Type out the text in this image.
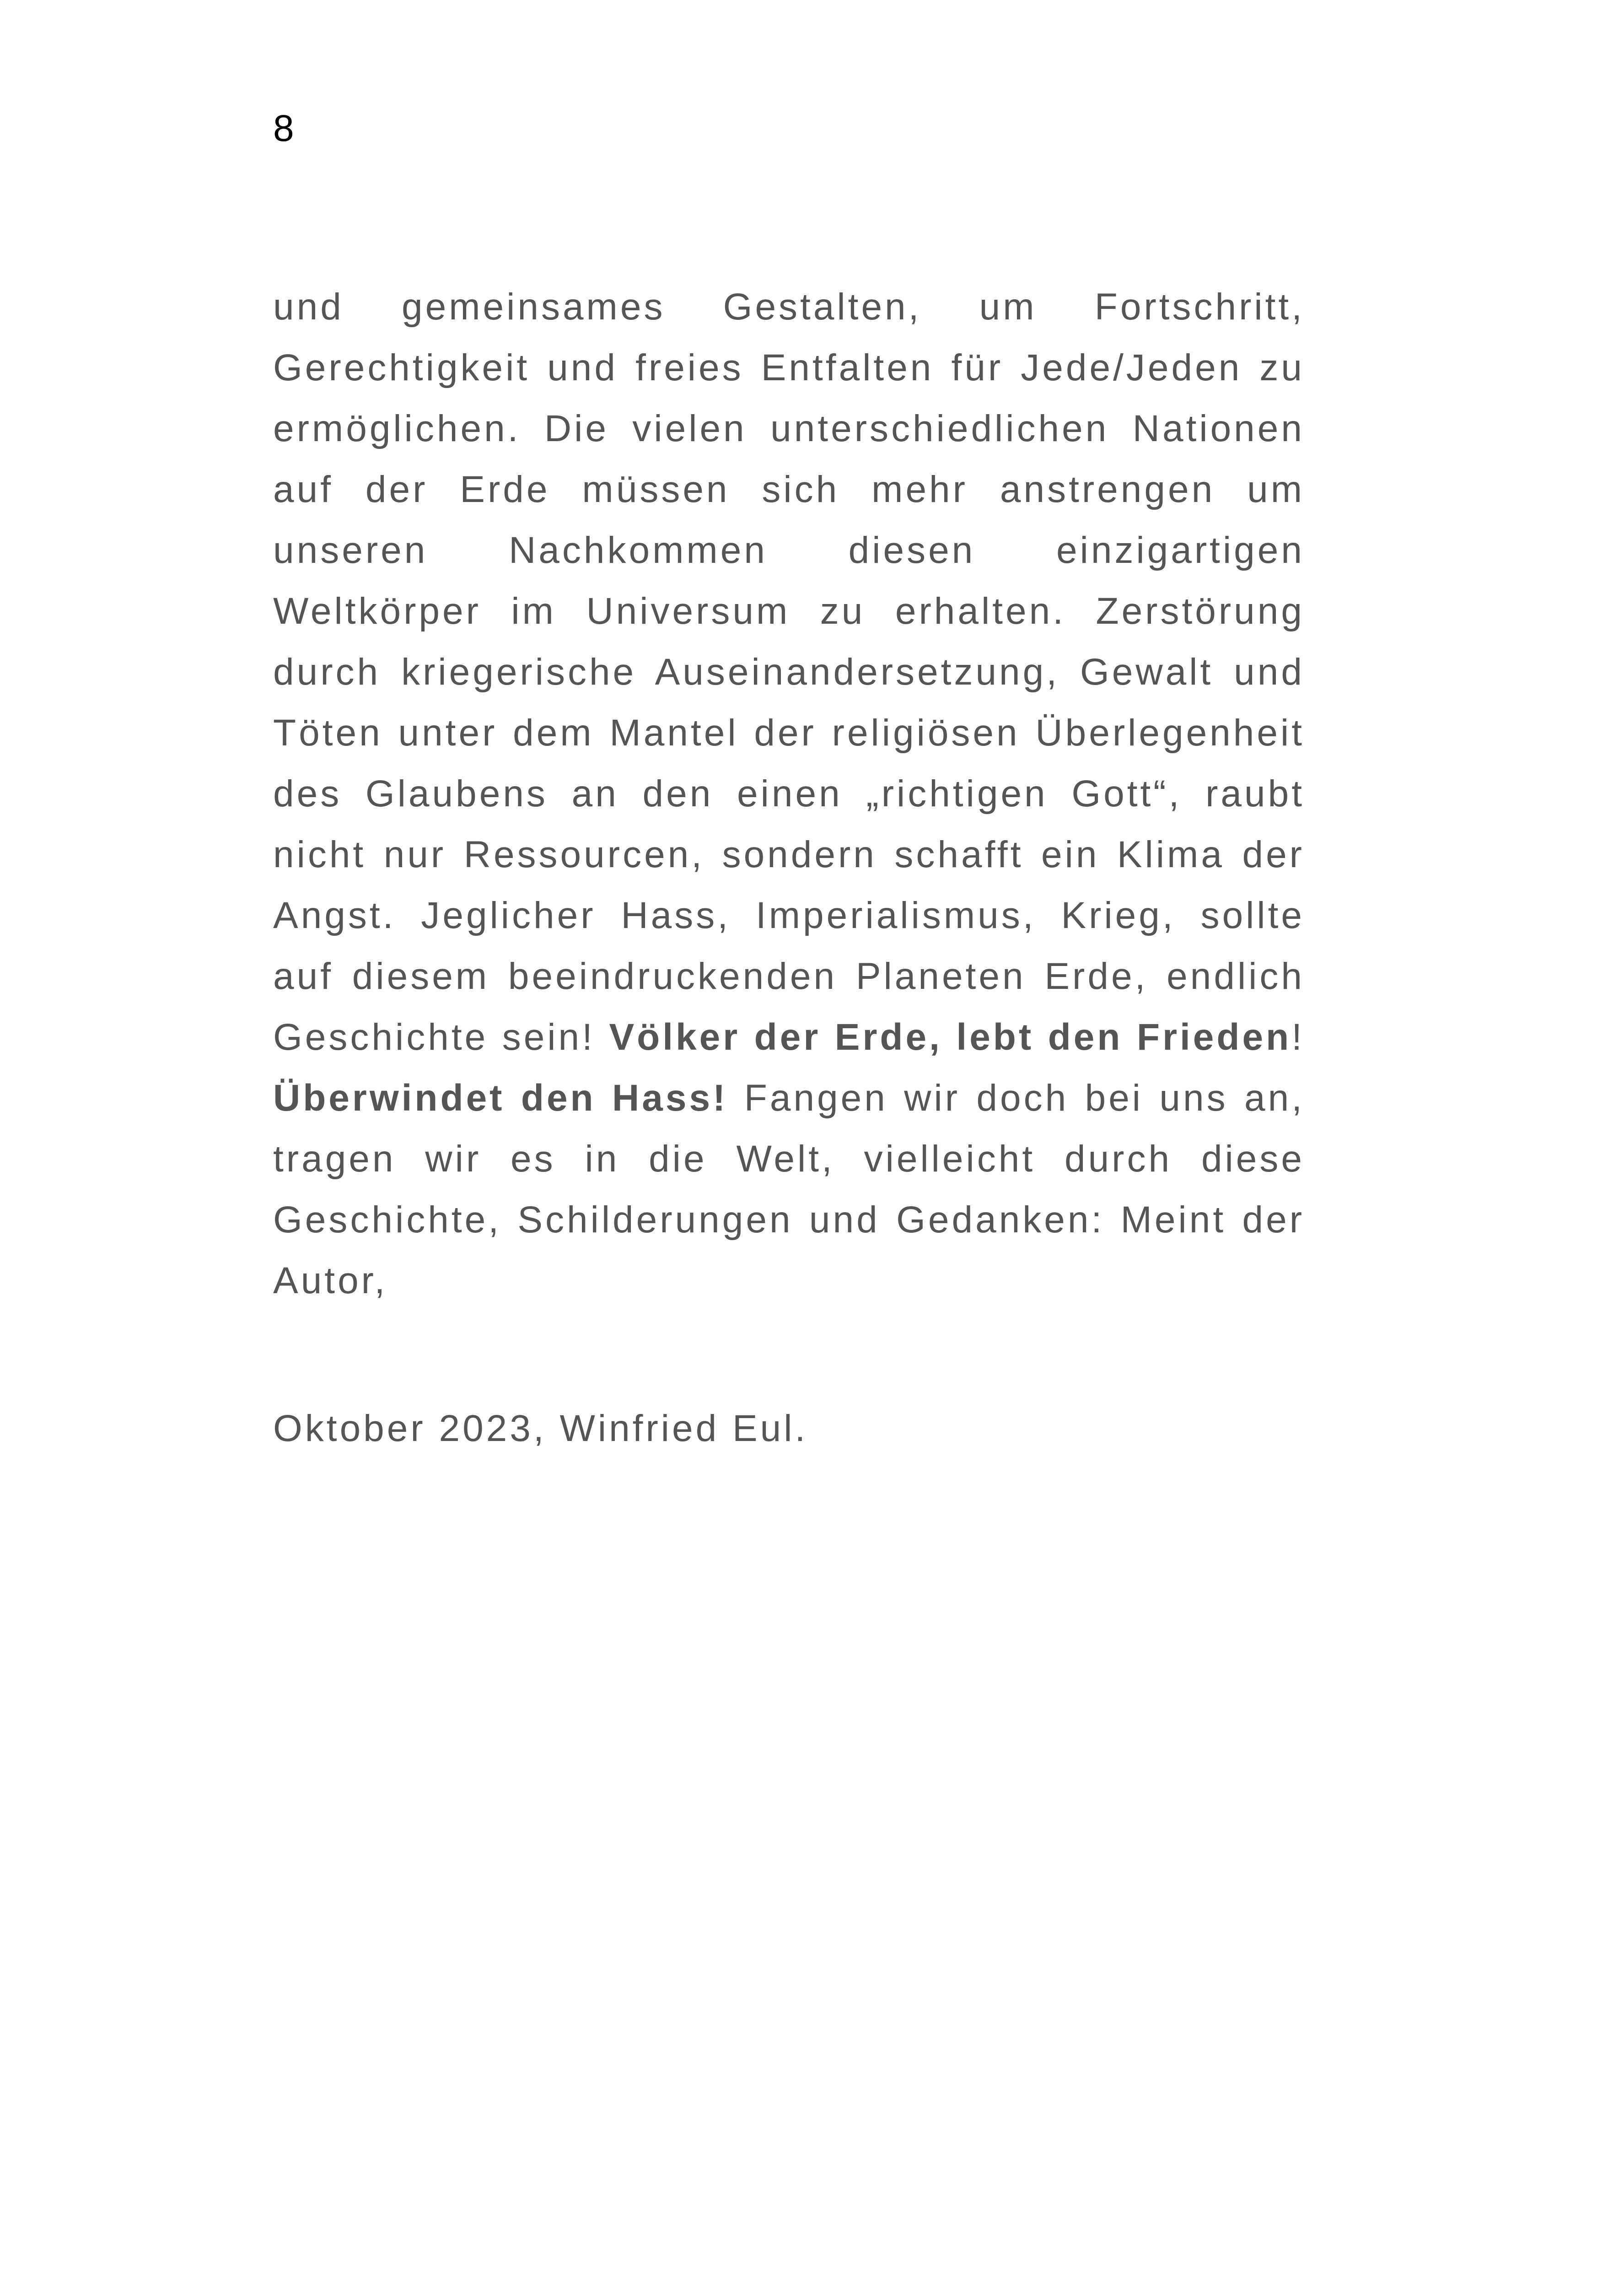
8

und gemeinsames Gestalten, um Fortschritt, Gerechtigkeit und freies Entfalten für Jede/Jeden zu ermöglichen. Die vielen unterschiedlichen Nationen auf der Erde müssen sich mehr anstrengen um unseren Nachkommen diesen einzigartigen Weltkörper im Universum zu erhalten. Zerstörung durch kriegerische Auseinandersetzung, Gewalt und Töten unter dem Mantel der religiösen Überlegenheit des Glaubens an den einen „richtigen Gott“, raubt nicht nur Ressourcen, sondern schafft ein Klima der Angst. Jeglicher Hass, Imperialismus, Krieg, sollte auf diesem beeindruckenden Planeten Erde, endlich Geschichte sein! Völker der Erde, lebt den Frieden! Überwindet den Hass! Fangen wir doch bei uns an, tragen wir es in die Welt, vielleicht durch diese Geschichte, Schilderungen und Gedanken: Meint der Autor,

Oktober 2023, Winfried Eul.
